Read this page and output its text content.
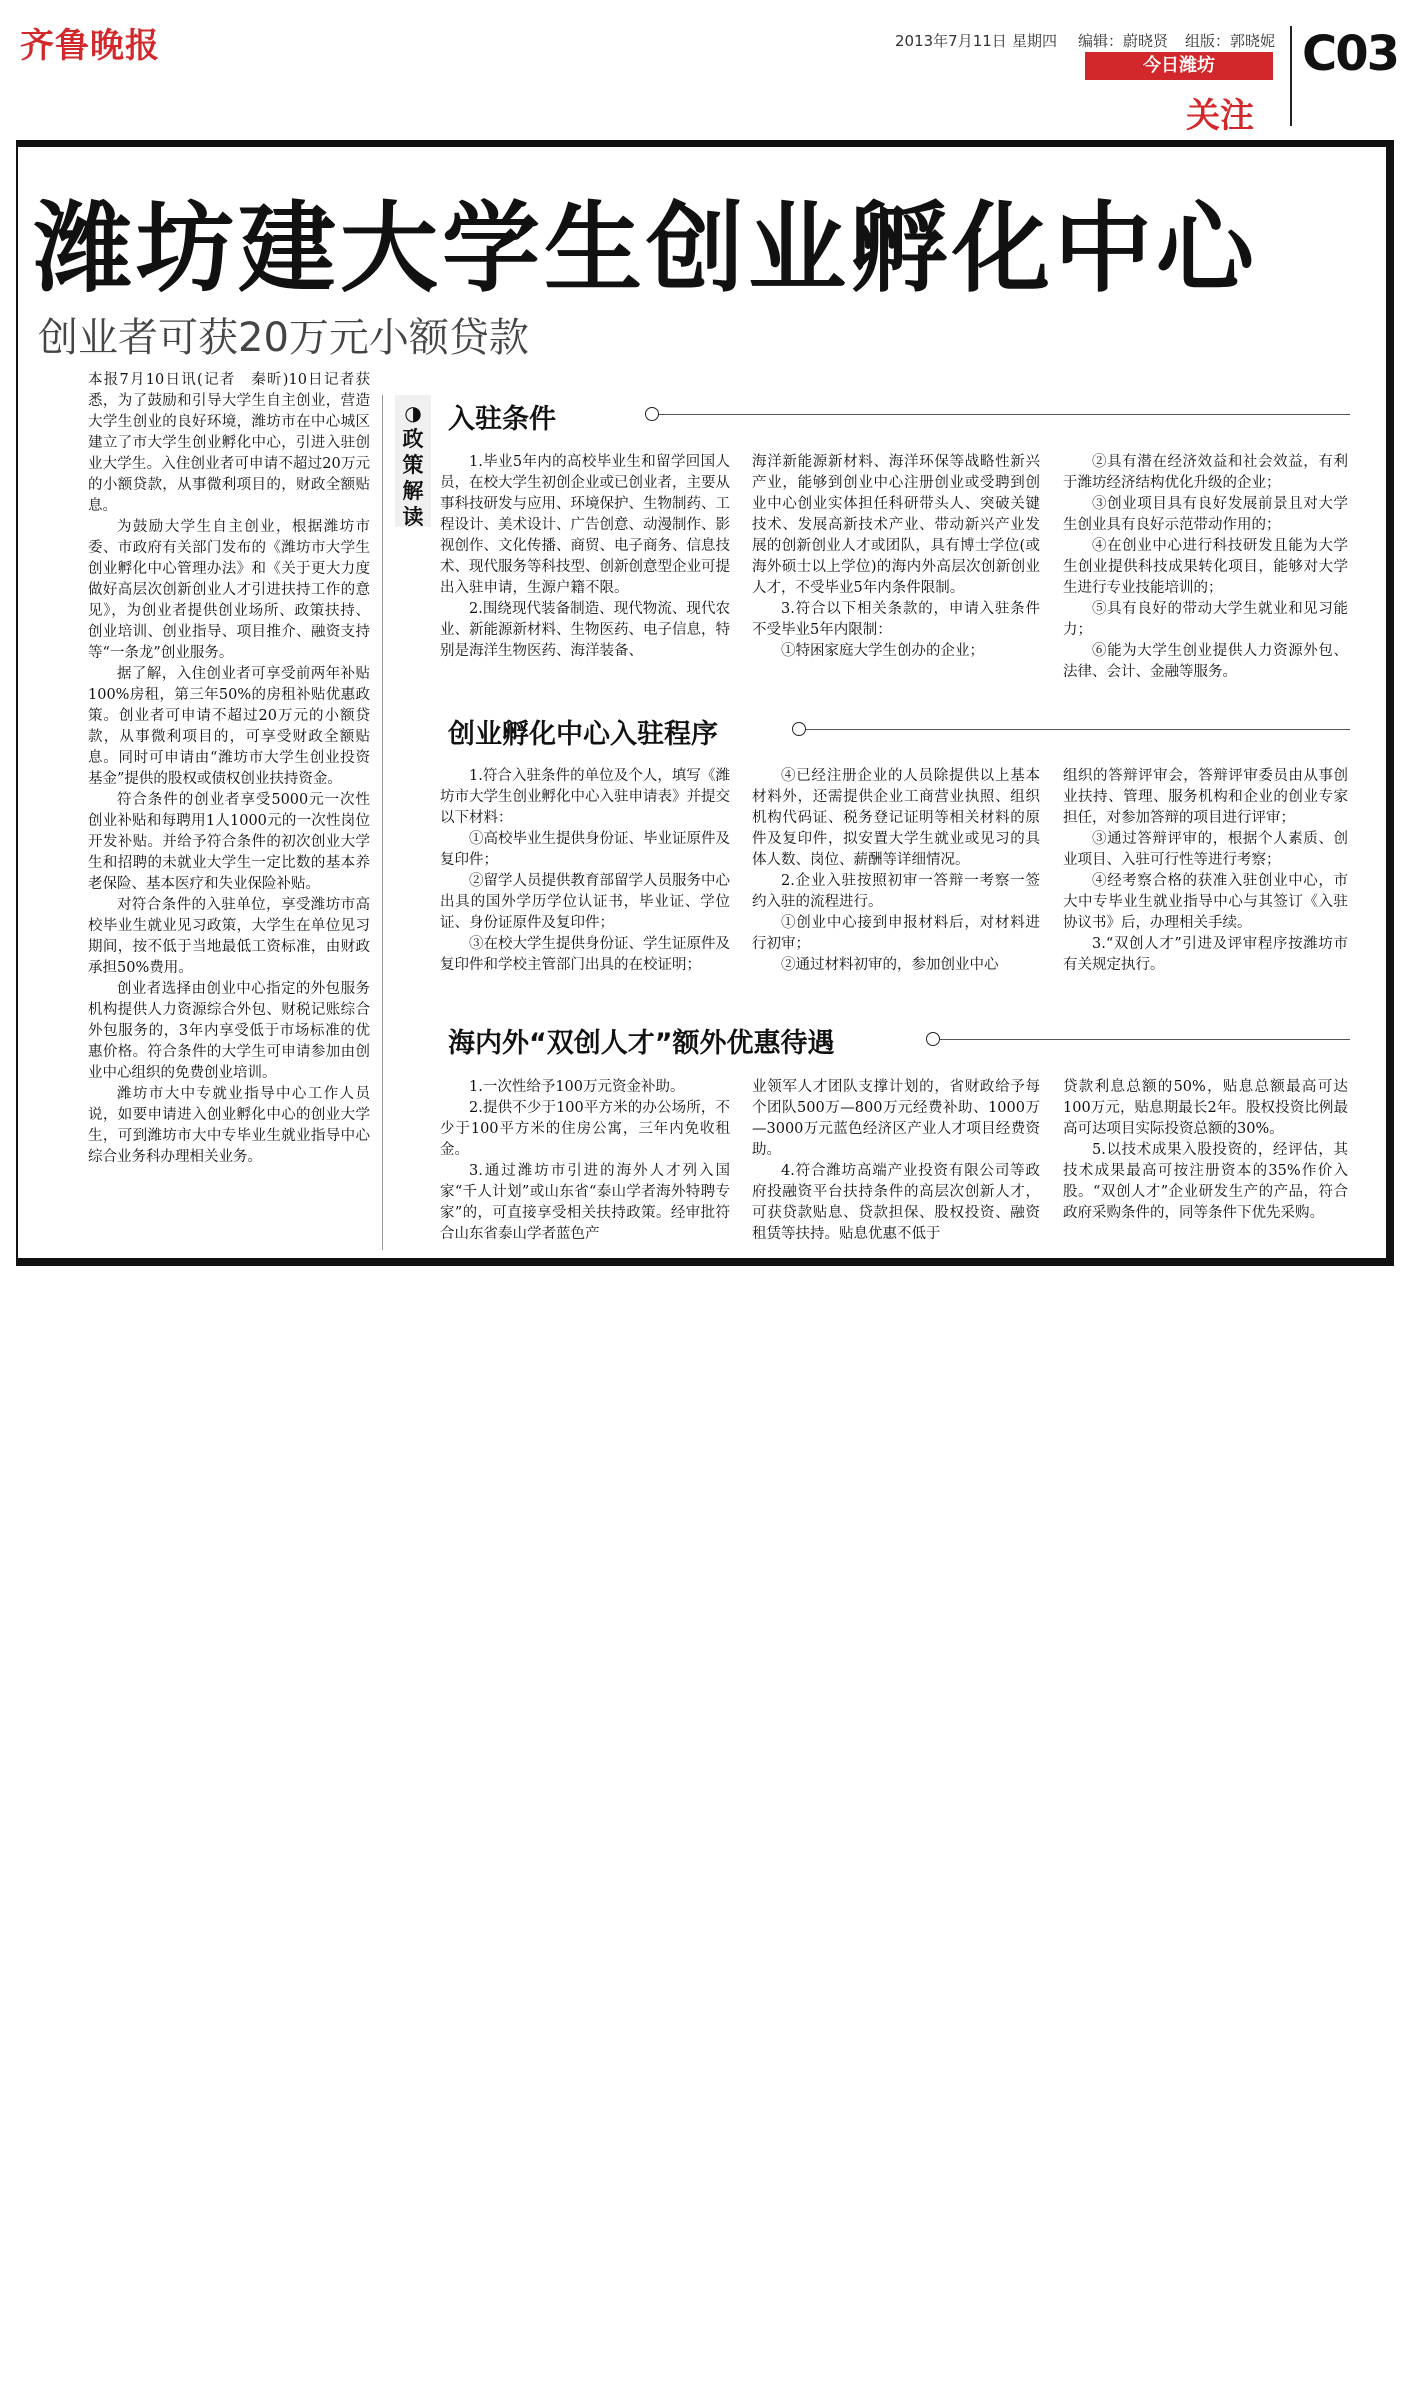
齐鲁晚报	2013年7月11日 星期四 编辑：蔚晓贤 组版：郭晓妮
今日潍坊
关注
C03
潍坊建大学生创业孵化中心
创业者可获20万元小额贷款

本报7月10日讯(记者　秦昕)10日记者获悉，为了鼓励和引导大学生自主创业，营造大学生创业的良好环境，潍坊市在中心城区建立了市大学生创业孵化中心，引进入驻创业大学生。入住创业者可申请不超过20万元的小额贷款，从事微利项目的，财政全额贴息。

为鼓励大学生自主创业，根据潍坊市委、市政府有关部门发布的《潍坊市大学生创业孵化中心管理办法》和《关于更大力度做好高层次创新创业人才引进扶持工作的意见》，为创业者提供创业场所、政策扶持、创业培训、创业指导、项目推介、融资支持等“一条龙”创业服务。

据了解，入住创业者可享受前两年补贴100%房租，第三年50%的房租补贴优惠政策。创业者可申请不超过20万元的小额贷款，从事微利项目的，可享受财政全额贴息。同时可申请由“潍坊市大学生创业投资基金”提供的股权或债权创业扶持资金。

符合条件的创业者享受5000元一次性创业补贴和每聘用1人1000元的一次性岗位开发补贴。并给予符合条件的初次创业大学生和招聘的未就业大学生一定比数的基本养老保险、基本医疗和失业保险补贴。

对符合条件的入驻单位，享受潍坊市高校毕业生就业见习政策，大学生在单位见习期间，按不低于当地最低工资标准，由财政承担50%费用。

创业者选择由创业中心指定的外包服务机构提供人力资源综合外包、财税记账综合外包服务的，3年内享受低于市场标准的优惠价格。符合条件的大学生可申请参加由创业中心组织的免费创业培训。

潍坊市大中专就业指导中心工作人员说，如要申请进入创业孵化中心的创业大学生，可到潍坊市大中专毕业生就业指导中心综合业务科办理相关业务。

◑
政策解读
入驻条件

1.毕业5年内的高校毕业生和留学回国人员，在校大学生初创企业或已创业者，主要从事科技研发与应用、环境保护、生物制药、工程设计、美术设计、广告创意、动漫制作、影视创作、文化传播、商贸、电子商务、信息技术、现代服务等科技型、创新创意型企业可提出入驻申请，生源户籍不限。

2.围绕现代装备制造、现代物流、现代农业、新能源新材料、生物医药、电子信息，特别是海洋生物医药、海洋装备、

海洋新能源新材料、海洋环保等战略性新兴产业，能够到创业中心注册创业或受聘到创业中心创业实体担任科研带头人、突破关键技术、发展高新技术产业、带动新兴产业发展的创新创业人才或团队，具有博士学位(或海外硕士以上学位)的海内外高层次创新创业人才，不受毕业5年内条件限制。

3.符合以下相关条款的，申请入驻条件不受毕业5年内限制：

①特困家庭大学生创办的企业；

②具有潜在经济效益和社会效益，有利于潍坊经济结构优化升级的企业；

③创业项目具有良好发展前景且对大学生创业具有良好示范带动作用的；

④在创业中心进行科技研发且能为大学生创业提供科技成果转化项目，能够对大学生进行专业技能培训的；

⑤具有良好的带动大学生就业和见习能力；

⑥能为大学生创业提供人力资源外包、法律、会计、金融等服务。

创业孵化中心入驻程序

1.符合入驻条件的单位及个人，填写《潍坊市大学生创业孵化中心入驻申请表》并提交以下材料：

①高校毕业生提供身份证、毕业证原件及复印件；

②留学人员提供教育部留学人员服务中心出具的国外学历学位认证书，毕业证、学位证、身份证原件及复印件；

③在校大学生提供身份证、学生证原件及复印件和学校主管部门出具的在校证明；

④已经注册企业的人员除提供以上基本材料外，还需提供企业工商营业执照、组织机构代码证、税务登记证明等相关材料的原件及复印件，拟安置大学生就业或见习的具体人数、岗位、薪酬等详细情况。

2.企业入驻按照初审一答辩一考察一签约入驻的流程进行。

①创业中心接到申报材料后，对材料进行初审；

②通过材料初审的，参加创业中心

组织的答辩评审会，答辩评审委员由从事创业扶持、管理、服务机构和企业的创业专家担任，对参加答辩的项目进行评审；

③通过答辩评审的，根据个人素质、创业项目、入驻可行性等进行考察；

④经考察合格的获准入驻创业中心，市大中专毕业生就业指导中心与其签订《入驻协议书》后，办理相关手续。

3.“双创人才”引进及评审程序按潍坊市有关规定执行。

海内外“双创人才”额外优惠待遇

1.一次性给予100万元资金补助。

2.提供不少于100平方米的办公场所，不少于100平方米的住房公寓，三年内免收租金。

3.通过潍坊市引进的海外人才列入国家“千人计划”或山东省“泰山学者海外特聘专家”的，可直接享受相关扶持政策。经审批符合山东省泰山学者蓝色产

业领军人才团队支撑计划的，省财政给予每个团队500万—800万元经费补助、1000万—3000万元蓝色经济区产业人才项目经费资助。

4.符合潍坊高端产业投资有限公司等政府投融资平台扶持条件的高层次创新人才，可获贷款贴息、贷款担保、股权投资、融资租赁等扶持。贴息优惠不低于

贷款利息总额的50%，贴息总额最高可达100万元，贴息期最长2年。股权投资比例最高可达项目实际投资总额的30%。

5.以技术成果入股投资的，经评估，其技术成果最高可按注册资本的35%作价入股。“双创人才”企业研发生产的产品，符合政府采购条件的，同等条件下优先采购。
